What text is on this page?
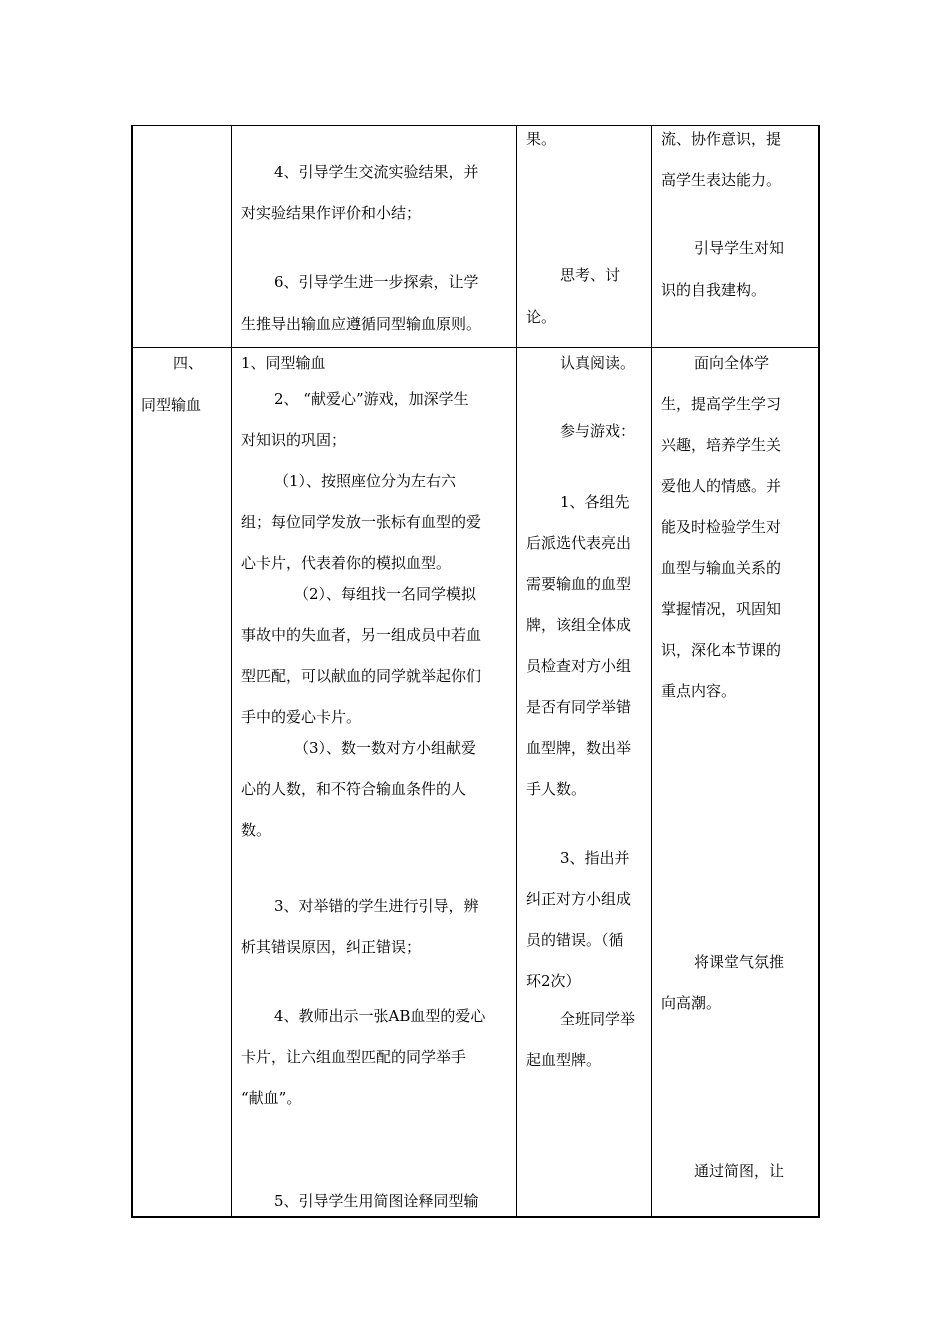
4、引导学生交流实验结果，并
对实验结果作评价和小结；
6、引导学生进一步探索，让学
生推导出输血应遵循同型输血原则。
果。
思考、讨
论。
流、协作意识，提
高学生表达能力。
引导学生对知
识的自我建构。
四、
同型输血
1、同型输血
2、 “献爱心”游戏，加深学生
对知识的巩固；
（1）、按照座位分为左右六
组；每位同学发放一张标有血型的爱
心卡片，代表着你的模拟血型。
（2）、每组找一名同学模拟
事故中的失血者，另一组成员中若血
型匹配，可以献血的同学就举起你们
手中的爱心卡片。
（3）、数一数对方小组献爱
心的人数，和不符合输血条件的人
数。
3、对举错的学生进行引导，辨
析其错误原因，纠正错误；
4、教师出示一张AB血型的爱心
卡片，让六组血型匹配的同学举手
“献血”。
5、引导学生用简图诠释同型输
认真阅读。
参与游戏：
1、各组先
后派选代表亮出
需要输血的血型
牌，该组全体成
员检查对方小组
是否有同学举错
血型牌，数出举
手人数。
3、指出并
纠正对方小组成
员的错误。（循
环2次）
全班同学举
起血型牌。
面向全体学
生，提高学生学习
兴趣，培养学生关
爱他人的情感。并
能及时检验学生对
血型与输血关系的
掌握情况，巩固知
识，深化本节课的
重点内容。
将课堂气氛推
向高潮。
通过简图，让
